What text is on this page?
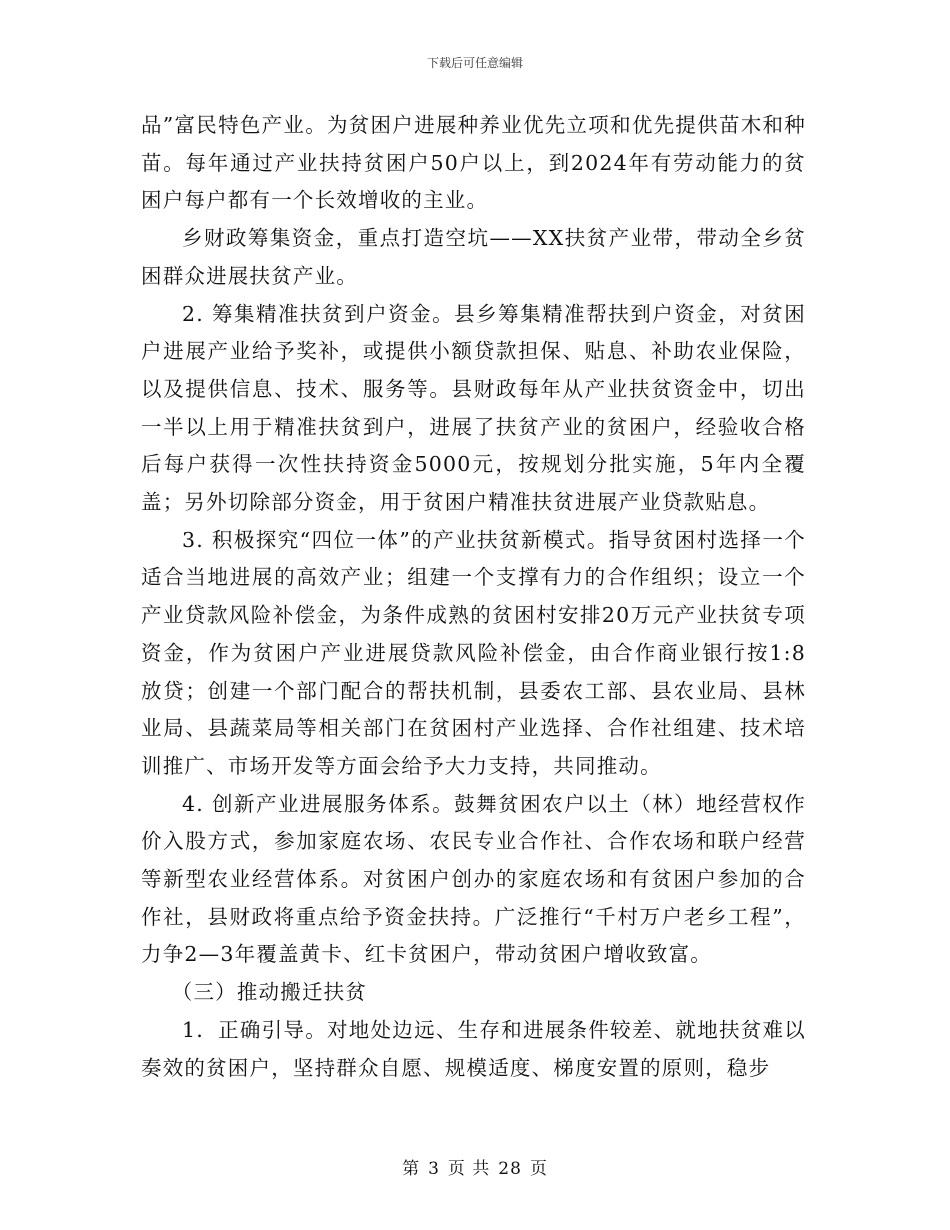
下载后可任意编辑

品”富民特色产业。为贫困户进展种养业优先立项和优先提供苗木和种苗。每年通过产业扶持贫困户50户以上，到2024年有劳动能力的贫困户每户都有一个长效增收的主业。

乡财政筹集资金，重点打造空坑——XX扶贫产业带，带动全乡贫困群众进展扶贫产业。

2. 筹集精准扶贫到户资金。县乡筹集精准帮扶到户资金，对贫困户进展产业给予奖补，或提供小额贷款担保、贴息、补助农业保险，以及提供信息、技术、服务等。县财政每年从产业扶贫资金中，切出一半以上用于精准扶贫到户，进展了扶贫产业的贫困户，经验收合格后每户获得一次性扶持资金5000元，按规划分批实施，5年内全覆盖；另外切除部分资金，用于贫困户精准扶贫进展产业贷款贴息。

3. 积极探究“四位一体”的产业扶贫新模式。指导贫困村选择一个适合当地进展的高效产业；组建一个支撑有力的合作组织；设立一个产业贷款风险补偿金，为条件成熟的贫困村安排20万元产业扶贫专项资金，作为贫困户产业进展贷款风险补偿金，由合作商业银行按1:8放贷；创建一个部门配合的帮扶机制，县委农工部、县农业局、县林业局、县蔬菜局等相关部门在贫困村产业选择、合作社组建、技术培训推广、市场开发等方面会给予大力支持，共同推动。

4. 创新产业进展服务体系。鼓舞贫困农户以土（林）地经营权作价入股方式，参加家庭农场、农民专业合作社、合作农场和联户经营等新型农业经营体系。对贫困户创办的家庭农场和有贫困户参加的合作社，县财政将重点给予资金扶持。广泛推行“千村万户老乡工程”，力争2—3年覆盖黄卡、红卡贫困户，带动贫困户增收致富。

（三）推动搬迁扶贫

1．正确引导。对地处边远、生存和进展条件较差、就地扶贫难以奏效的贫困户，坚持群众自愿、规模适度、梯度安置的原则，稳步

第 3 页 共 28 页
